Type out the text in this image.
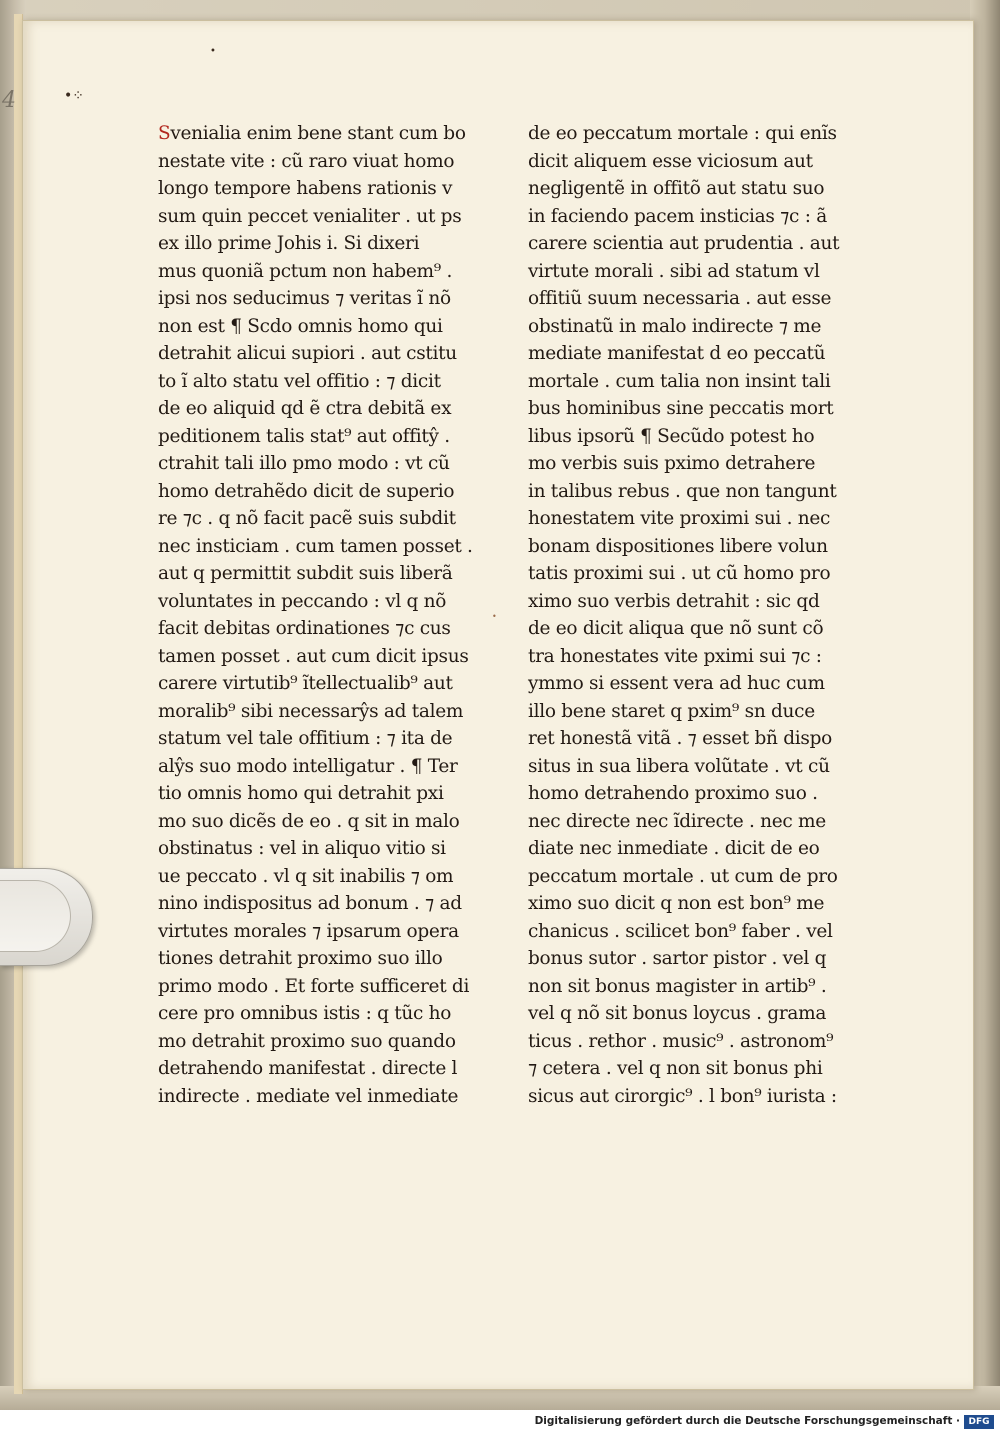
4	•⁘
•
•
Svenialia enim bene stant cum bo
nestate vite : cũ raro viuat homo
longo tempore habens rationis v
sum quin peccet venialiter . ut ps
ex illo prime Johis i. Si dixeri
mus quoniã pctum non habem⁹ .
ipsi nos seducimus ⁊ veritas ĩ nõ
non est ¶ Scdo omnis homo qui
detrahit alicui supiori . aut cstitu
to ĩ alto statu vel offitio : ⁊ dicit
de eo aliquid qd ẽ ctra debitã ex
peditionem talis stat⁹ aut offitŷ .
ctrahit tali illo pmo modo : vt cũ
homo detrahẽdo dicit de superio
re ⁊c . q nõ facit pacẽ suis subdit
nec insticiam . cum tamen posset .
aut q permittit subdit suis liberã
voluntates in peccando : vl q nõ
facit debitas ordinationes ⁊c cus
tamen posset . aut cum dicit ipsus
carere virtutib⁹ ĩtellectualib⁹ aut
moralib⁹ sibi necessarŷs ad talem
statum vel tale offitium : ⁊ ita de
alŷs suo modo intelligatur . ¶ Ter
tio omnis homo qui detrahit pxi
mo suo dicẽs de eo . q sit in malo
obstinatus : vel in aliquo vitio si
ue peccato . vl q sit inabilis ⁊ om
nino indispositus ad bonum . ⁊ ad
virtutes morales ⁊ ipsarum opera
tiones detrahit proximo suo illo
primo modo . Et forte sufficeret di
cere pro omnibus istis : q tũc ho
mo detrahit proximo suo quando
detrahendo manifestat . directe l
indirecte . mediate vel inmediate
de eo peccatum mortale : qui enĩs
dicit aliquem esse viciosum aut
negligentẽ in offitõ aut statu suo
in faciendo pacem insticias ⁊c : ã
carere scientia aut prudentia . aut
virtute morali . sibi ad statum vl
offitiũ suum necessaria . aut esse
obstinatũ in malo indirecte ⁊ me
mediate manifestat d eo peccatũ
mortale . cum talia non insint tali
bus hominibus sine peccatis mort
libus ipsorũ ¶ Secũdo potest ho
mo verbis suis pximo detrahere
in talibus rebus . que non tangunt
honestatem vite proximi sui . nec
bonam dispositiones libere volun
tatis proximi sui . ut cũ homo pro
ximo suo verbis detrahit : sic qd
de eo dicit aliqua que nõ sunt cõ
tra honestates vite pximi sui ⁊c :
ymmo si essent vera ad huc cum
illo bene staret q pxim⁹ sn duce
ret honestã vitã . ⁊ esset bñ dispo
situs in sua libera volũtate . vt cũ
homo detrahendo proximo suo .
nec directe nec ĩdirecte . nec me
diate nec inmediate . dicit de eo
peccatum mortale . ut cum de pro
ximo suo dicit q non est bon⁹ me
chanicus . scilicet bon⁹ faber . vel
bonus sutor . sartor pistor . vel q
non sit bonus magister in artib⁹ .
vel q nõ sit bonus loycus . grama
ticus . rethor . music⁹ . astronom⁹
⁊ cetera . vel q non sit bonus phi
sicus aut cirorgic⁹ . l bon⁹ iurista :
Digitalisierung gefördert durch die Deutsche Forschungsgemeinschaft · DFG
